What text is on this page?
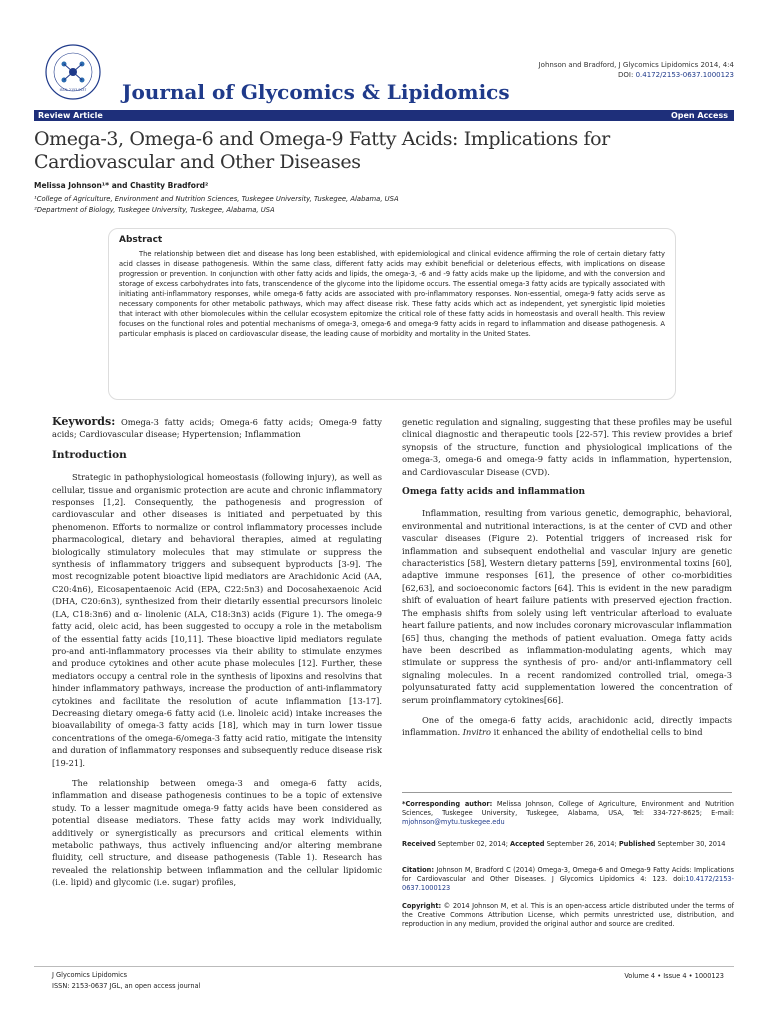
ISSN: 2153-0637 Journal of Glycomics & Lipidomics
Johnson and Bradford, J Glycomics Lipidomics 2014, 4:4
DOI: 0.4172/2153-0637.1000123
Review Article	Open Access
Omega-3, Omega-6 and Omega-9 Fatty Acids: Implications for Cardiovascular and Other Diseases
Melissa Johnson¹* and Chastity Bradford²
¹College of Agriculture, Environment and Nutrition Sciences, Tuskegee University, Tuskegee, Alabama, USA
²Department of Biology, Tuskegee University, Tuskegee, Alabama, USA
Abstract

The relationship between diet and disease has long been established, with epidemiological and clinical evidence affirming the role of certain dietary fatty acid classes in disease pathogenesis. Within the same class, different fatty acids may exhibit beneficial or deleterious effects, with implications on disease progression or prevention. In conjunction with other fatty acids and lipids, the omega-3, -6 and -9 fatty acids make up the lipidome, and with the conversion and storage of excess carbohydrates into fats, transcendence of the glycome into the lipidome occurs. The essential omega-3 fatty acids are typically associated with initiating anti-inflammatory responses, while omega-6 fatty acids are associated with pro-inflammatory responses. Non-essential, omega-9 fatty acids serve as necessary components for other metabolic pathways, which may affect disease risk. These fatty acids which act as independent, yet synergistic lipid moieties that interact with other biomolecules within the cellular ecosystem epitomize the critical role of these fatty acids in homeostasis and overall health. This review focuses on the functional roles and potential mechanisms of omega-3, omega-6 and omega-9 fatty acids in regard to inflammation and disease pathogenesis. A particular emphasis is placed on cardiovascular disease, the leading cause of morbidity and mortality in the United States.

Keywords: Omega-3 fatty acids; Omega-6 fatty acids; Omega-9 fatty acids; Cardiovascular disease; Hypertension; Inflammation

Introduction

Strategic in pathophysiological homeostasis (following injury), as well as cellular, tissue and organismic protection are acute and chronic inflammatory responses [1,2]. Consequently, the pathogenesis and progression of cardiovascular and other diseases is initiated and perpetuated by this phenomenon. Efforts to normalize or control inflammatory processes include pharmacological, dietary and behavioral therapies, aimed at regulating biologically stimulatory molecules that may stimulate or suppress the synthesis of inflammatory triggers and subsequent byproducts [3-9]. The most recognizable potent bioactive lipid mediators are Arachidonic Acid (AA, C20:4n6), Eicosapentaenoic Acid (EPA, C22:5n3) and Docosahexaenoic Acid (DHA, C20:6n3), synthesized from their dietarily essential precursors linoleic (LA, C18:3n6) and α- linolenic (ALA, C18:3n3) acids (Figure 1). The omega-9 fatty acid, oleic acid, has been suggested to occupy a role in the metabolism of the essential fatty acids [10,11]. These bioactive lipid mediators regulate pro-and anti-inflammatory processes via their ability to stimulate enzymes and produce cytokines and other acute phase molecules [12]. Further, these mediators occupy a central role in the synthesis of lipoxins and resolvins that hinder inflammatory pathways, increase the production of anti-inflammatory cytokines and facilitate the resolution of acute inflammation [13-17]. Decreasing dietary omega-6 fatty acid (i.e. linoleic acid) intake increases the bioavailability of omega-3 fatty acids [18], which may in turn lower tissue concentrations of the omega-6/omega-3 fatty acid ratio, mitigate the intensity and duration of inflammatory responses and subsequently reduce disease risk [19-21].

The relationship between omega-3 and omega-6 fatty acids, inflammation and disease pathogenesis continues to be a topic of extensive study. To a lesser magnitude omega-9 fatty acids have been considered as potential disease mediators. These fatty acids may work individually, additively or synergistically as precursors and critical elements within metabolic pathways, thus actively influencing and/or altering membrane fluidity, cell structure, and disease pathogenesis (Table 1). Research has revealed the relationship between inflammation and the cellular lipidomic (i.e. lipid) and glycomic (i.e. sugar) profiles,

genetic regulation and signaling, suggesting that these profiles may be useful clinical diagnostic and therapeutic tools [22-57]. This review provides a brief synopsis of the structure, function and physiological implications of the omega-3, omega-6 and omega-9 fatty acids in inflammation, hypertension, and Cardiovascular Disease (CVD).

Omega fatty acids and inflammation

Inflammation, resulting from various genetic, demographic, behavioral, environmental and nutritional interactions, is at the center of CVD and other vascular diseases (Figure 2). Potential triggers of increased risk for inflammation and subsequent endothelial and vascular injury are genetic characteristics [58], Western dietary patterns [59], environmental toxins [60], adaptive immune responses [61], the presence of other co-morbidities [62,63], and socioeconomic factors [64]. This is evident in the new paradigm shift of evaluation of heart failure patients with preserved ejection fraction. The emphasis shifts from solely using left ventricular afterload to evaluate heart failure patients, and now includes coronary microvascular inflammation [65] thus, changing the methods of patient evaluation. Omega fatty acids have been described as inflammation-modulating agents, which may stimulate or suppress the synthesis of pro- and/or anti-inflammatory cell signaling molecules. In a recent randomized controlled trial, omega-3 polyunsaturated fatty acid supplementation lowered the concentration of serum proinflammatory cytokines[66].

One of the omega-6 fatty acids, arachidonic acid, directly impacts inflammation. Invitro it enhanced the ability of endothelial cells to bind

*Corresponding author: Melissa Johnson, College of Agriculture, Environment and Nutrition Sciences, Tuskegee University, Tuskegee, Alabama, USA, Tel: 334-727-8625; E-mail: mjohnson@mytu.tuskegee.edu
Received September 02, 2014; Accepted September 26, 2014; Published September 30, 2014
Citation: Johnson M, Bradford C (2014) Omega-3, Omega-6 and Omega-9 Fatty Acids: Implications for Cardiovascular and Other Diseases. J Glycomics Lipidomics 4: 123. doi:10.4172/2153-0637.1000123
Copyright: © 2014 Johnson M, et al. This is an open-access article distributed under the terms of the Creative Commons Attribution License, which permits unrestricted use, distribution, and reproduction in any medium, provided the original author and source are credited.
J Glycomics Lipidomics
ISSN: 2153-0637 JGL, an open access journal
Volume 4 • Issue 4 • 1000123
